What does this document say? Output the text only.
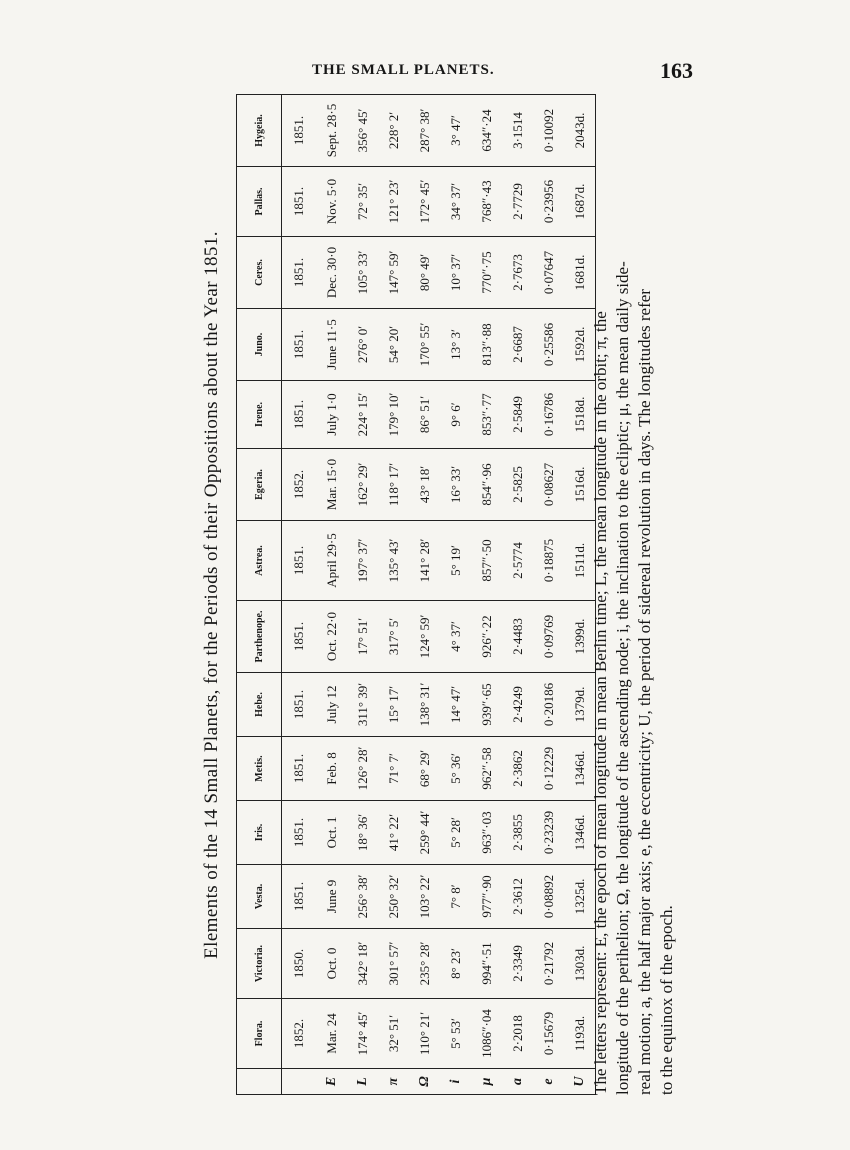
THE SMALL PLANETS.	163
Elements of the 14 Small Planets, for the Periods of their Oppositions about the Year 1851.
	Flora.	Victoria.	Vesta.	Iris.	Metis.	Hebe.	Parthenope.	Astrea.	Egeria.	Irene.	Juno.	Ceres.	Pallas.	Hygeia.
	1852.	1850.	1851.	1851.	1851.	1851.	1851.	1851.	1852.	1851.	1851.	1851.	1851.	1851.
E	Mar. 24	Oct. 0	June 9	Oct. 1	Feb. 8	July 12	Oct. 22·0	April 29·5	Mar. 15·0	July 1·0	June 11·5	Dec. 30·0	Nov. 5·0	Sept. 28·5
L	174° 45′	342° 18′	256° 38′	18° 36′	126° 28′	311° 39′	17° 51′	197° 37′	162° 29′	224° 15′	276° 0′	105° 33′	72° 35′	356° 45′
π	32° 51′	301° 57′	250° 32′	41° 22′	71° 7′	15° 17′	317° 5′	135° 43′	118° 17′	179° 10′	54° 20′	147° 59′	121° 23′	228° 2′
Ω	110° 21′	235° 28′	103° 22′	259° 44′	68° 29′	138° 31′	124° 59′	141° 28′	43° 18′	86° 51′	170° 55′	80° 49′	172° 45′	287° 38′
i	5° 53′	8° 23′	7° 8′	5° 28′	5° 36′	14° 47′	4° 37′	5° 19′	16° 33′	9° 6′	13° 3′	10° 37′	34° 37′	3° 47′
μ	1086″·04	994″·51	977″·90	963″·03	962″·58	939″·65	926″·22	857″·50	854″·96	853″·77	813″·88	770″·75	768″·43	634″·24
a	2·2018	2·3349	2·3612	2·3855	2·3862	2·4249	2·4483	2·5774	2·5825	2·5849	2·6687	2·7673	2·7729	3·1514
e	0·15679	0·21792	0·08892	0·23239	0·12229	0·20186	0·09769	0·18875	0·08627	0·16786	0·25586	0·07647	0·23956	0·10092
U	1193d.	1303d.	1325d.	1346d.	1346d.	1379d.	1399d.	1511d.	1516d.	1518d.	1592d.	1681d.	1687d.	2043d.
The letters represent: E, the epoch of mean longitude in mean Berlin time; L, the mean longitude in the orbit; π, the longitude of the perihelion; Ω, the longitude of the ascending node; i, the inclination to the ecliptic; μ, the mean daily side- real motion; a, the half major axis; e, the eccentricity; U, the period of sidereal revolution in days. The longitudes refer to the equinox of the epoch.
